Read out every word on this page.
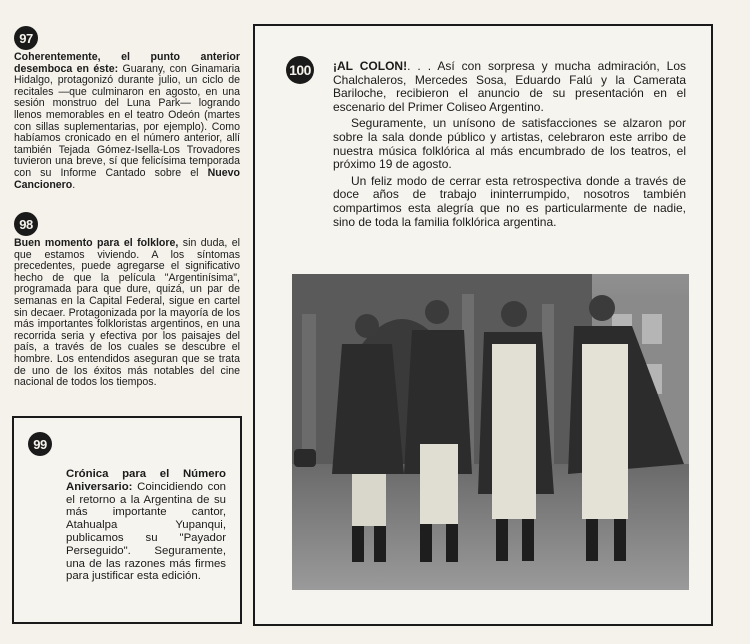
97

Coherentemente, el punto anterior desemboca en éste: Guarany, con Ginamaria Hidalgo, protagonizó durante julio, un ciclo de recitales —que culminaron en agosto, en una sesión monstruo del Luna Park— logrando llenos memorables en el teatro Odeón (martes con sillas suplementarias, por ejemplo). Como habíamos cronicado en el número anterior, allí también Tejada Gómez-Isella-Los Trovadores tuvieron una breve, sí que felicísima temporada con su Informe Cantado sobre el Nuevo Cancionero.

98

Buen momento para el folklore, sin duda, el que estamos viviendo. A los síntomas precedentes, puede agregarse el significativo hecho de que la película "Argentinísima", programada para que dure, quizá, un par de semanas en la Capital Federal, sigue en cartel sin decaer. Protagonizada por la mayoría de los más importantes folkloristas argentinos, en una recorrida seria y efectiva por los paisajes del país, a través de los cuales se descubre el hombre. Los entendidos aseguran que se trata de uno de los éxitos más notables del cine nacional de todos los tiempos.

99

Crónica para el Número Aniversario: Coincidiendo con el retorno a la Argentina de su más importante cantor, Atahualpa Yupanqui, publicamos su "Payador Perseguido". Seguramente, una de las razones más firmes para justificar esta edición.

100 ¡AL COLON!. . . Así con sorpresa y mucha admiración, Los Chalchaleros, Mercedes Sosa, Eduardo Falú y la Camerata Bariloche, recibieron el anuncio de su presentación en el escenario del Primer Coliseo Argentino.

Seguramente, un unísono de satisfacciones se alzaron por sobre la sala donde público y artistas, celebraron este arribo de nuestra música folklórica al más encumbrado de los teatros, el próximo 19 de agosto.

Un feliz modo de cerrar esta retrospectiva donde a través de doce años de trabajo ininterrumpido, nosotros también compartimos esta alegría que no es particularmente de nadie, sino de toda la familia folklórica argentina.
